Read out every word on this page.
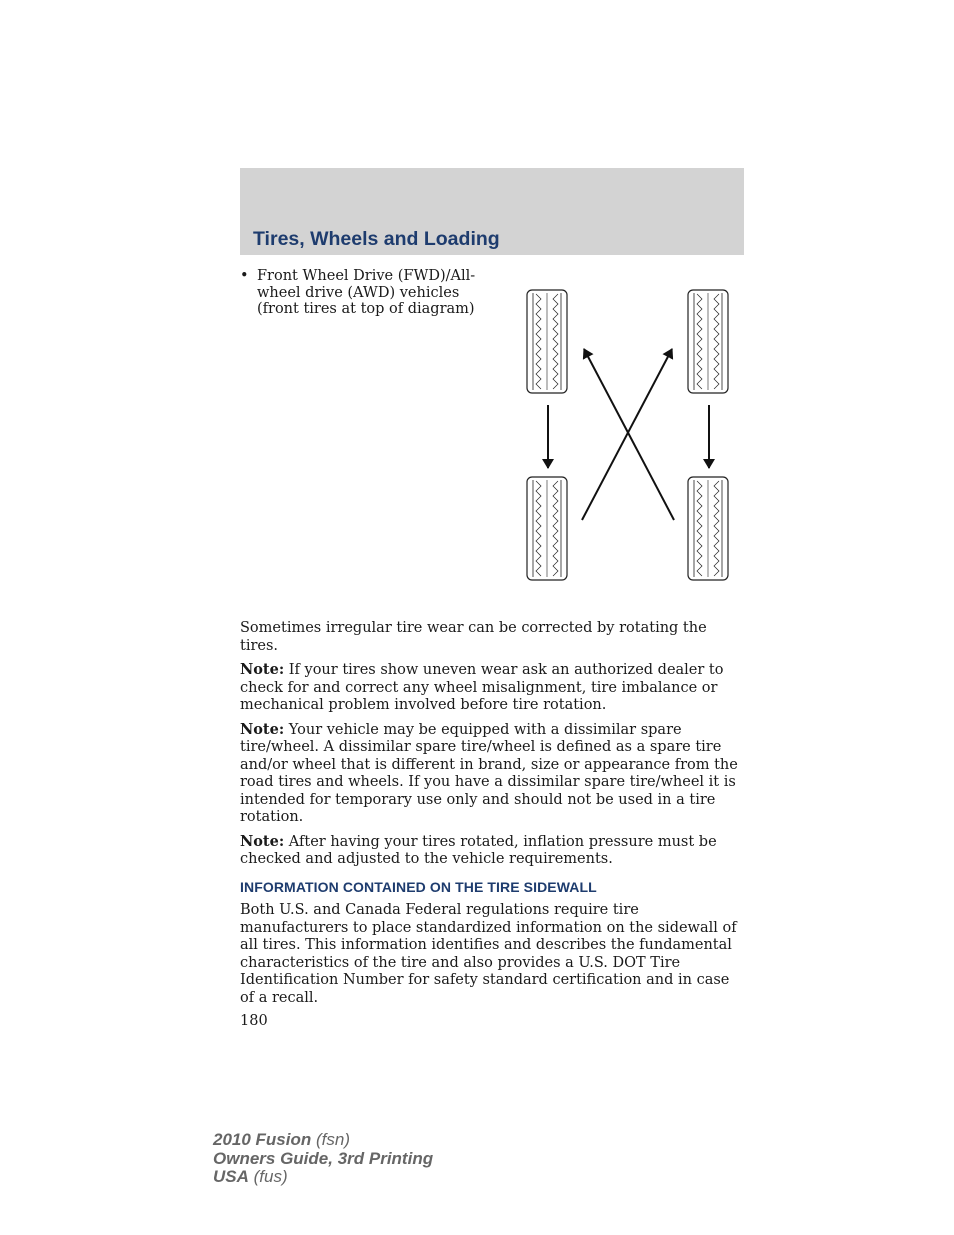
Tires, Wheels and Loading
• Front Wheel Drive (FWD)/All-wheel drive (AWD) vehicles (front tires at top of diagram)

Sometimes irregular tire wear can be corrected by rotating the tires.

Note: If your tires show uneven wear ask an authorized dealer to check for and correct any wheel misalignment, tire imbalance or mechanical problem involved before tire rotation.

Note: Your vehicle may be equipped with a dissimilar spare tire/wheel. A dissimilar spare tire/wheel is defined as a spare tire and/or wheel that is different in brand, size or appearance from the road tires and wheels. If you have a dissimilar spare tire/wheel it is intended for temporary use only and should not be used in a tire rotation.

Note: After having your tires rotated, inflation pressure must be checked and adjusted to the vehicle requirements.

INFORMATION CONTAINED ON THE TIRE SIDEWALL

Both U.S. and Canada Federal regulations require tire manufacturers to place standardized information on the sidewall of all tires. This information identifies and describes the fundamental characteristics of the tire and also provides a U.S. DOT Tire Identification Number for safety standard certification and in case of a recall.

180
2010 Fusion (fsn)
Owners Guide, 3rd Printing
USA (fus)
